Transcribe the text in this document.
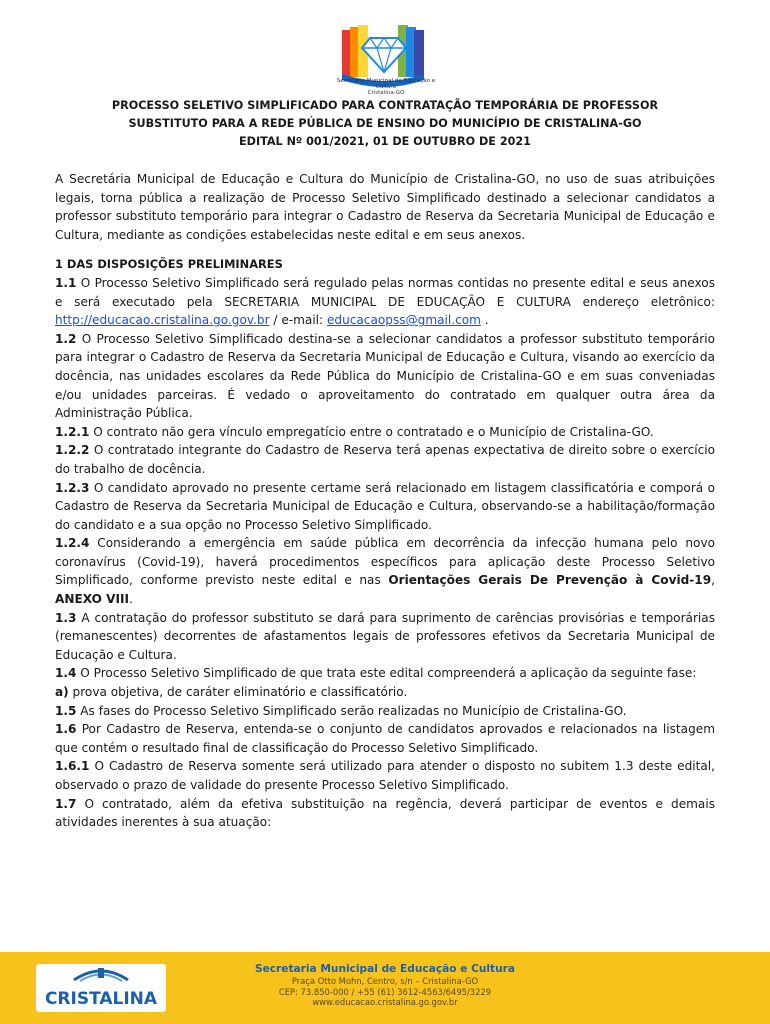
Secretaria Municipal de Educação e Cultura
Cristalina-GO
PROCESSO SELETIVO SIMPLIFICADO PARA CONTRATAÇÃO TEMPORÁRIA DE PROFESSOR
SUBSTITUTO PARA A REDE PÚBLICA DE ENSINO DO MUNICÍPIO DE CRISTALINA-GO
EDITAL Nº 001/2021, 01 DE OUTUBRO DE 2021

A Secretária Municipal de Educação e Cultura do Município de Cristalina-GO, no uso de suas atribuições legais, torna pública a realização de Processo Seletivo Simplificado destinado a selecionar candidatos a professor substituto temporário para integrar o Cadastro de Reserva da Secretaria Municipal de Educação e Cultura, mediante as condições estabelecidas neste edital e em seus anexos.

1 DAS DISPOSIÇÕES PRELIMINARES

1.1 O Processo Seletivo Simplificado será regulado pelas normas contidas no presente edital e seus anexos e será executado pela SECRETARIA MUNICIPAL DE EDUCAÇÃO E CULTURA endereço eletrônico: http://educacao.cristalina.go.gov.br / e-mail: educacaopss@gmail.com .

1.2 O Processo Seletivo Simplificado destina-se a selecionar candidatos a professor substituto temporário para integrar o Cadastro de Reserva da Secretaria Municipal de Educação e Cultura, visando ao exercício da docência, nas unidades escolares da Rede Pública do Município de Cristalina-GO e em suas conveniadas e/ou unidades parceiras. É vedado o aproveitamento do contratado em qualquer outra área da Administração Pública.

1.2.1 O contrato não gera vínculo empregatício entre o contratado e o Município de Cristalina-GO.

1.2.2 O contratado integrante do Cadastro de Reserva terá apenas expectativa de direito sobre o exercício do trabalho de docência.

1.2.3 O candidato aprovado no presente certame será relacionado em listagem classificatória e comporá o Cadastro de Reserva da Secretaria Municipal de Educação e Cultura, observando-se a habilitação/formação do candidato e a sua opção no Processo Seletivo Simplificado.

1.2.4 Considerando a emergência em saúde pública em decorrência da infecção humana pelo novo coronavírus (Covid-19), haverá procedimentos específicos para aplicação deste Processo Seletivo Simplificado, conforme previsto neste edital e nas Orientações Gerais De Prevenção à Covid-19, ANEXO VIII.

1.3 A contratação do professor substituto se dará para suprimento de carências provisórias e temporárias (remanescentes) decorrentes de afastamentos legais de professores efetivos da Secretaria Municipal de Educação e Cultura.

1.4 O Processo Seletivo Simplificado de que trata este edital compreenderá a aplicação da seguinte fase:

a) prova objetiva, de caráter eliminatório e classificatório.

1.5 As fases do Processo Seletivo Simplificado serão realizadas no Município de Cristalina-GO.

1.6 Por Cadastro de Reserva, entenda-se o conjunto de candidatos aprovados e relacionados na listagem que contém o resultado final de classificação do Processo Seletivo Simplificado.

1.6.1 O Cadastro de Reserva somente será utilizado para atender o disposto no subitem 1.3 deste edital, observado o prazo de validade do presente Processo Seletivo Simplificado.

1.7 O contratado, além da efetiva substituição na regência, deverá participar de eventos e demais atividades inerentes à sua atuação:

CRISTALINA
Secretaria Municipal de Educação e Cultura
Praça Otto Mohn, Centro, s/n – Cristalina-GO
CEP: 73.850-000 / +55 (61) 3612-4563/6495/3229
www.educacao.cristalina.go.gov.br
